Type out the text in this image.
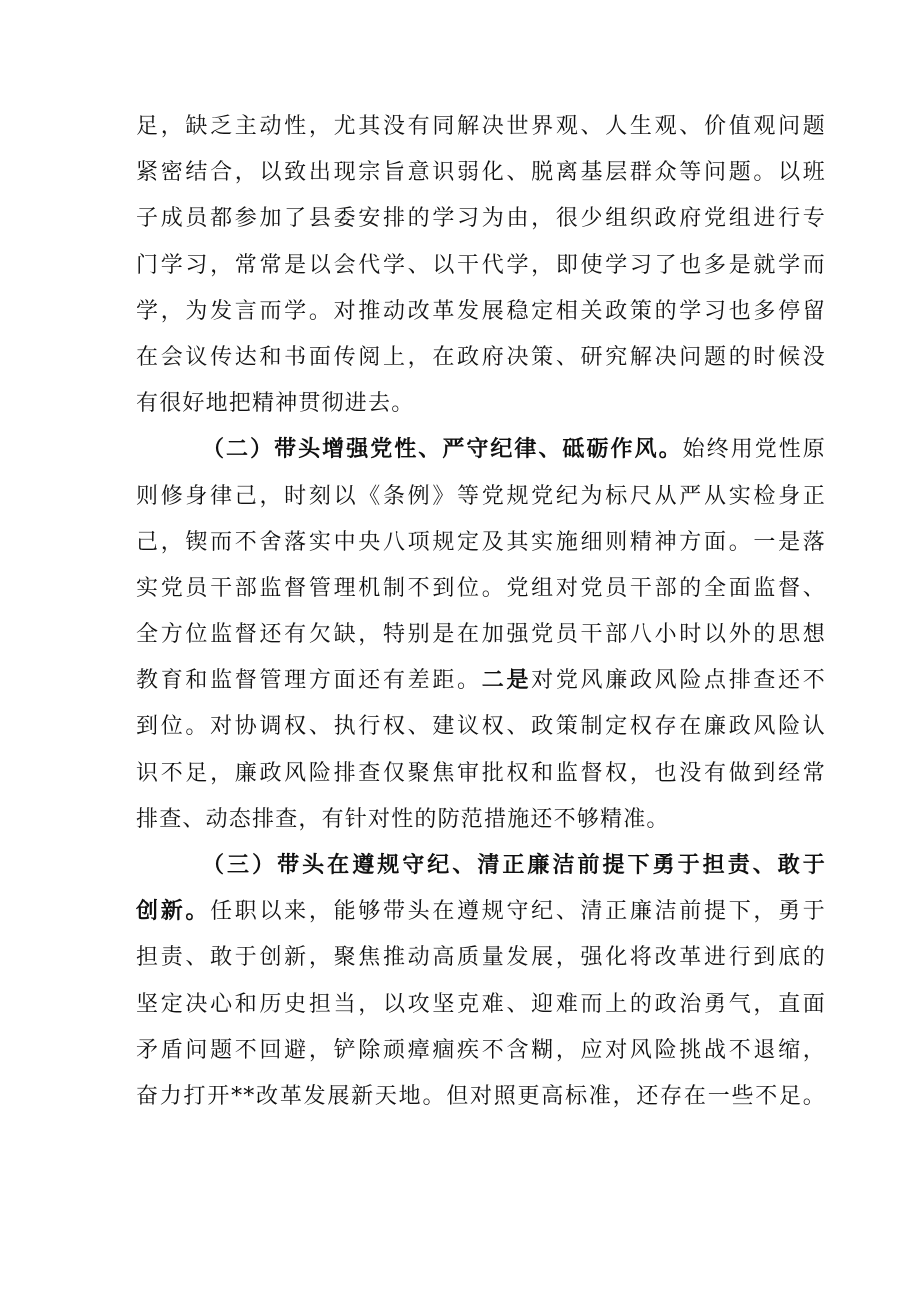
足，缺乏主动性，尤其没有同解决世界观、人生观、价值观问题
紧密结合，以致出现宗旨意识弱化、脱离基层群众等问题。以班
子成员都参加了县委安排的学习为由，很少组织政府党组进行专
门学习，常常是以会代学、以干代学，即使学习了也多是就学而
学，为发言而学。对推动改革发展稳定相关政策的学习也多停留
在会议传达和书面传阅上，在政府决策、研究解决问题的时候没
有很好地把精神贯彻进去。
（二）带头增强党性、严守纪律、砥砺作风。始终用党性原
则修身律己，时刻以《条例》等党规党纪为标尺从严从实检身正
己，锲而不舍落实中央八项规定及其实施细则精神方面。一是落
实党员干部监督管理机制不到位。党组对党员干部的全面监督、
全方位监督还有欠缺，特别是在加强党员干部八小时以外的思想
教育和监督管理方面还有差距。二是对党风廉政风险点排查还不
到位。对协调权、执行权、建议权、政策制定权存在廉政风险认
识不足，廉政风险排查仅聚焦审批权和监督权，也没有做到经常
排查、动态排查，有针对性的防范措施还不够精准。
（三）带头在遵规守纪、清正廉洁前提下勇于担责、敢于
创新。任职以来，能够带头在遵规守纪、清正廉洁前提下，勇于
担责、敢于创新，聚焦推动高质量发展，强化将改革进行到底的
坚定决心和历史担当，以攻坚克难、迎难而上的政治勇气，直面
矛盾问题不回避，铲除顽瘴痼疾不含糊，应对风险挑战不退缩，
奋力打开**改革发展新天地。但对照更高标准，还存在一些不足。
